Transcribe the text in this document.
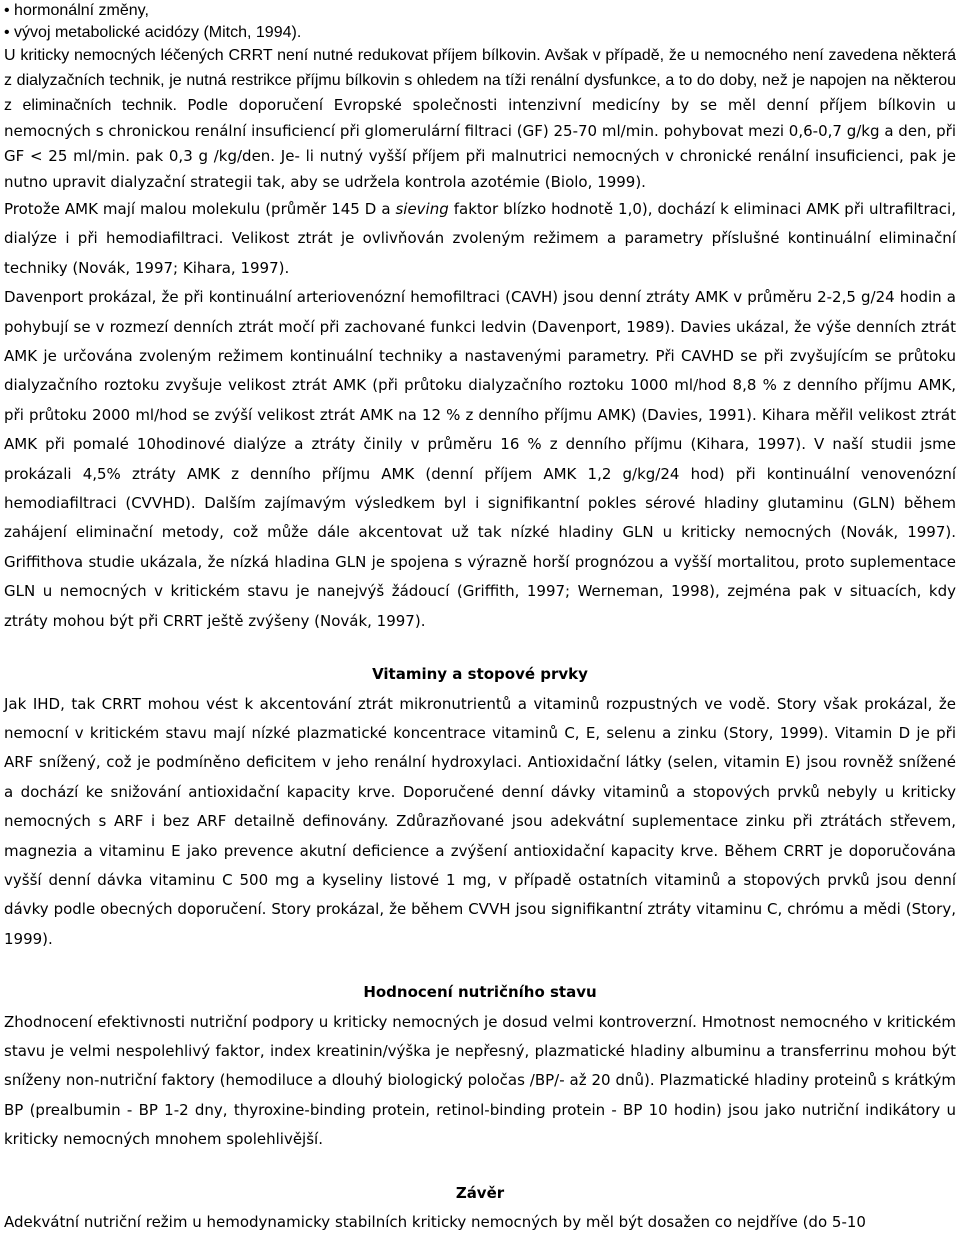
• hormonální změny,
• vývoj metabolické acidózy (Mitch, 1994).

U kriticky nemocných léčených CRRT není nutné redukovat příjem bílkovin. Avšak v případě, že u nemocného není zavedena některá z dialyzačních technik, je nutná restrikce příjmu bílkovin s ohledem na tíži renální dysfunkce, a to do doby, než je napojen na některou z eliminačních technik. Podle doporučení Evropské společnosti intenzivní medicíny by se měl denní příjem bílkovin u nemocných s chronickou renální insuficiencí při glomerulární filtraci (GF) 25-70 ml/min. pohybovat mezi 0,6-0,7 g/kg a den, při GF < 25 ml/min. pak 0,3 g /kg/den. Je- li nutný vyšší příjem při malnutrici nemocných v chronické renální insuficienci, pak je nutno upravit dialyzační strategii tak, aby se udržela kontrola azotémie (Biolo, 1999).

Protože AMK mají malou molekulu (průměr 145 D a sieving faktor blízko hodnotě 1,0), dochází k eliminaci AMK při ultrafiltraci, dialýze i při hemodiafiltraci. Velikost ztrát je ovlivňován zvoleným režimem a parametry příslušné kontinuální eliminační techniky (Novák, 1997; Kihara, 1997).

Davenport prokázal, že při kontinuální arteriovenózní hemofiltraci (CAVH) jsou denní ztráty AMK v průměru 2-2,5 g/24 hodin a pohybují se v rozmezí denních ztrát močí při zachované funkci ledvin (Davenport, 1989). Davies ukázal, že výše denních ztrát AMK je určována zvoleným režimem kontinuální techniky a nastavenými parametry. Při CAVHD se při zvyšujícím se průtoku dialyzačního roztoku zvyšuje velikost ztrát AMK (při průtoku dialyzačního roztoku 1000 ml/hod 8,8 % z denního příjmu AMK, při průtoku 2000 ml/hod se zvýší velikost ztrát AMK na 12 % z denního příjmu AMK) (Davies, 1991). Kihara měřil velikost ztrát AMK při pomalé 10hodinové dialýze a ztráty činily v průměru 16 % z denního příjmu (Kihara, 1997). V naší studii jsme prokázali 4,5% ztráty AMK z denního příjmu AMK (denní příjem AMK 1,2 g/kg/24 hod) při kontinuální venovenózní hemodiafiltraci (CVVHD). Dalším zajímavým výsledkem byl i signifikantní pokles sérové hladiny glutaminu (GLN) během zahájení eliminační metody, což může dále akcentovat už tak nízké hladiny GLN u kriticky nemocných (Novák, 1997). Griffithova studie ukázala, že nízká hladina GLN je spojena s výrazně horší prognózou a vyšší mortalitou, proto suplementace GLN u nemocných v kritickém stavu je nanejvýš žádoucí (Griffith, 1997; Werneman, 1998), zejména pak v situacích, kdy ztráty mohou být při CRRT ještě zvýšeny (Novák, 1997).

Vitaminy a stopové prvky

Jak IHD, tak CRRT mohou vést k akcentování ztrát mikronutrientů a vitaminů rozpustných ve vodě. Story však prokázal, že nemocní v kritickém stavu mají nízké plazmatické koncentrace vitaminů C, E, selenu a zinku (Story, 1999). Vitamin D je při ARF snížený, což je podmíněno deficitem v jeho renální hydroxylaci. Antioxidační látky (selen, vitamin E) jsou rovněž snížené a dochází ke snižování antioxidační kapacity krve. Doporučené denní dávky vitaminů a stopových prvků nebyly u kriticky nemocných s ARF i bez ARF detailně definovány. Zdůrazňované jsou adekvátní suplementace zinku při ztrátách střevem, magnezia a vitaminu E jako prevence akutní deficience a zvýšení antioxidační kapacity krve. Během CRRT je doporučována vyšší denní dávka vitaminu C 500 mg a kyseliny listové 1 mg, v případě ostatních vitaminů a stopových prvků jsou denní dávky podle obecných doporučení. Story prokázal, že během CVVH jsou signifikantní ztráty vitaminu C, chrómu a mědi (Story, 1999).

Hodnocení nutričního stavu

Zhodnocení efektivnosti nutriční podpory u kriticky nemocných je dosud velmi kontroverzní. Hmotnost nemocného v kritickém stavu je velmi nespolehlivý faktor, index kreatinin/výška je nepřesný, plazmatické hladiny albuminu a transferrinu mohou být sníženy non-nutriční faktory (hemodiluce a dlouhý biologický poločas /BP/- až 20 dnů). Plazmatické hladiny proteinů s krátkým BP (prealbumin - BP 1-2 dny, thyroxine-binding protein, retinol-binding protein - BP 10 hodin) jsou jako nutriční indikátory u kriticky nemocných mnohem spolehlivější.

Závěr

Adekvátní nutriční režim u hemodynamicky stabilních kriticky nemocných by měl být dosažen co nejdříve (do 5-10
